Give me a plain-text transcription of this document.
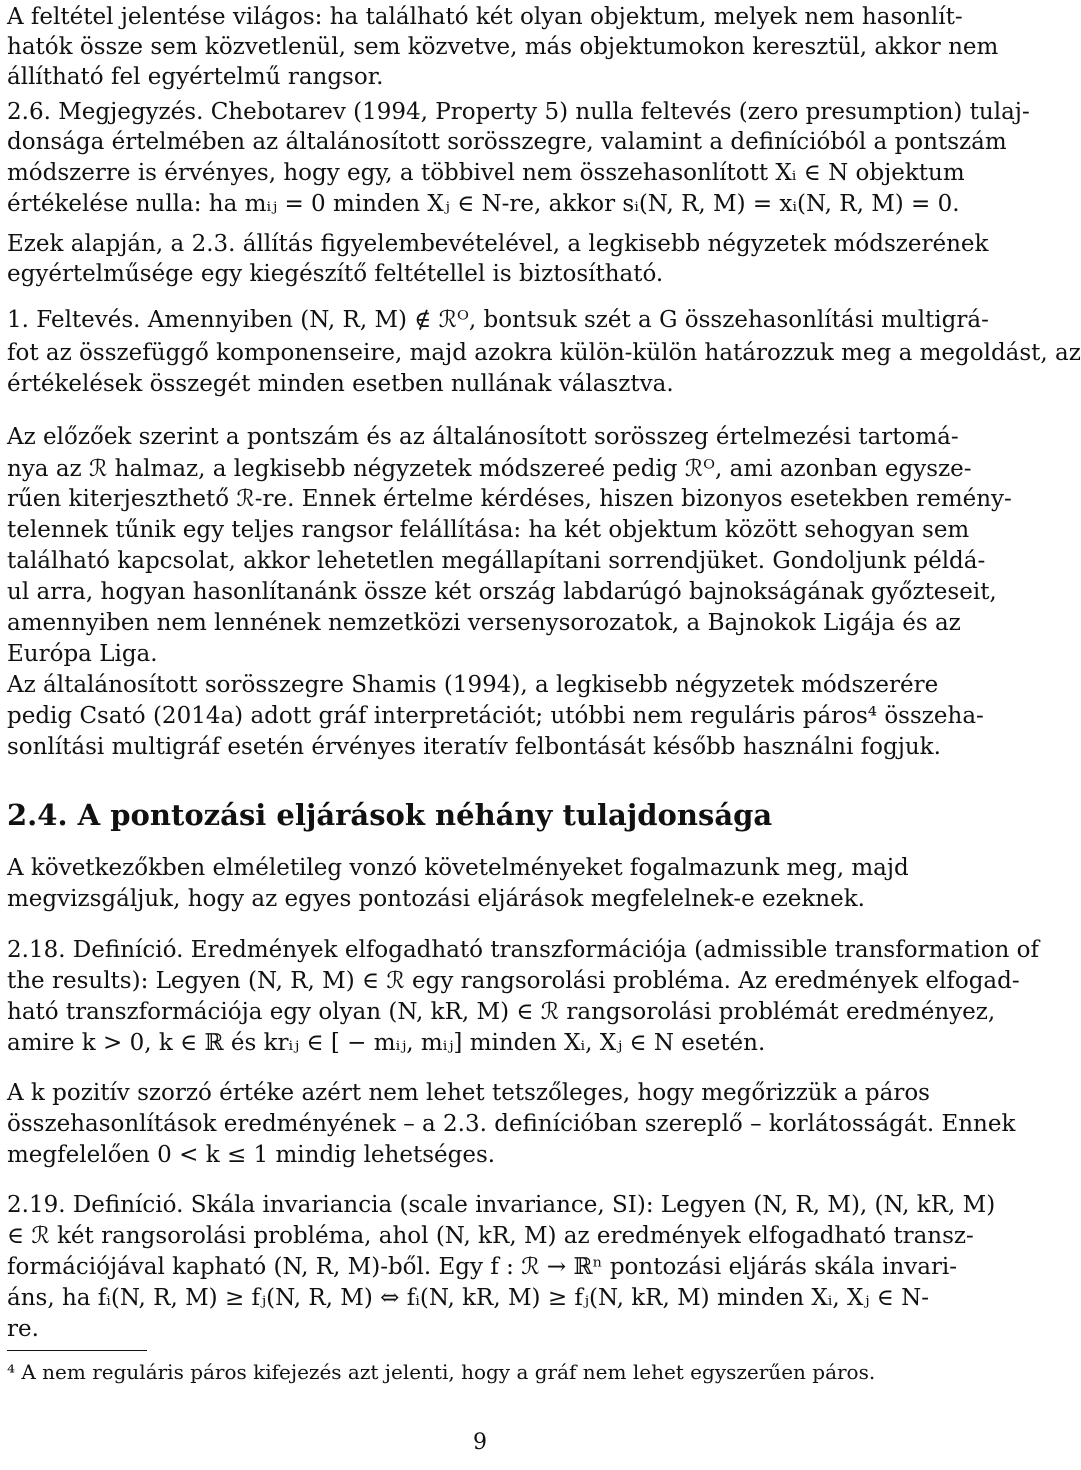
A feltétel jelentése világos: ha található két olyan objektum, melyek nem hasonlít-
hatók össze sem közvetlenül, sem közvetve, más objektumokon keresztül, akkor nem
állítható fel egyértelmű rangsor.
2.6. Megjegyzés. Chebotarev (1994, Property 5) nulla feltevés (zero presumption) tulaj-
donsága értelmében az általánosított sorösszegre, valamint a definícióból a pontszám
módszerre is érvényes, hogy egy, a többivel nem összehasonlított Xᵢ ∈ N objektum
értékelése nulla: ha mᵢⱼ = 0 minden Xⱼ ∈ N-re, akkor sᵢ(N, R, M) = xᵢ(N, R, M) = 0.
Ezek alapján, a 2.3. állítás figyelembevételével, a legkisebb négyzetek módszerének
egyértelműsége egy kiegészítő feltétellel is biztosítható.
1. Feltevés. Amennyiben (N, R, M) ∉ ℛᴼ, bontsuk szét a G összehasonlítási multigrá-
fot az összefüggő komponenseire, majd azokra külön-külön határozzuk meg a megoldást, az
értékelések összegét minden esetben nullának választva.
Az előzőek szerint a pontszám és az általánosított sorösszeg értelmezési tartomá-
nya az ℛ halmaz, a legkisebb négyzetek módszereé pedig ℛᴼ, ami azonban egysze-
rűen kiterjeszthető ℛ-re. Ennek értelme kérdéses, hiszen bizonyos esetekben remény-
telennek tűnik egy teljes rangsor felállítása: ha két objektum között sehogyan sem
található kapcsolat, akkor lehetetlen megállapítani sorrendjüket. Gondoljunk példá-
ul arra, hogyan hasonlítanánk össze két ország labdarúgó bajnokságának győzteseit,
amennyiben nem lennének nemzetközi versenysorozatok, a Bajnokok Ligája és az
Európa Liga.
Az általánosított sorösszegre Shamis (1994), a legkisebb négyzetek módszerére
pedig Csató (2014a) adott gráf interpretációt; utóbbi nem reguláris páros⁴ összeha-
sonlítási multigráf esetén érvényes iteratív felbontását később használni fogjuk.
2.4. A pontozási eljárások néhány tulajdonsága
A következőkben elméletileg vonzó követelményeket fogalmazunk meg, majd
megvizsgáljuk, hogy az egyes pontozási eljárások megfelelnek-e ezeknek.
2.18. Definíció. Eredmények elfogadható transzformációja (admissible transformation of
the results): Legyen (N, R, M) ∈ ℛ egy rangsorolási probléma. Az eredmények elfogad-
ható transzformációja egy olyan (N, kR, M) ∈ ℛ rangsorolási problémát eredményez,
amire k > 0, k ∈ ℝ és krᵢⱼ ∈ [ − mᵢⱼ, mᵢⱼ] minden Xᵢ, Xⱼ ∈ N esetén.
A k pozitív szorzó értéke azért nem lehet tetszőleges, hogy megőrizzük a páros
összehasonlítások eredményének – a 2.3. definícióban szereplő – korlátosságát. Ennek
megfelelően 0 < k ≤ 1 mindig lehetséges.
2.19. Definíció. Skála invariancia (scale invariance, SI): Legyen (N, R, M), (N, kR, M)
∈ ℛ két rangsorolási probléma, ahol (N, kR, M) az eredmények elfogadható transz-
formációjával kapható (N, R, M)-ből. Egy f : ℛ → ℝⁿ pontozási eljárás skála invari-
áns, ha fᵢ(N, R, M) ≥ fⱼ(N, R, M) ⇔ fᵢ(N, kR, M) ≥ fⱼ(N, kR, M) minden Xᵢ, Xⱼ ∈ N-
re.
⁴ A nem reguláris páros kifejezés azt jelenti, hogy a gráf nem lehet egyszerűen páros.
9
